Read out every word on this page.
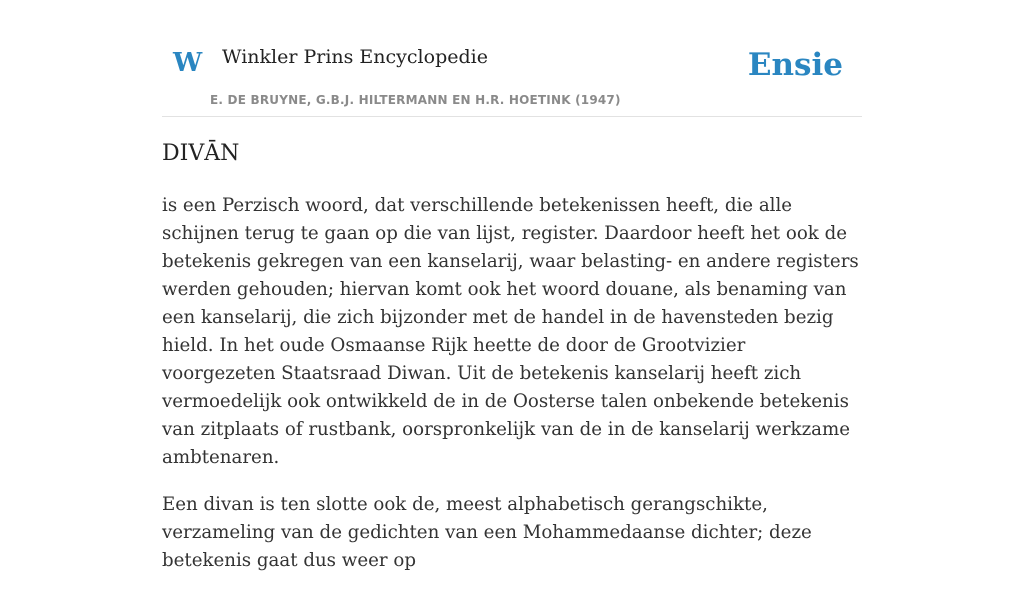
W Winkler Prins Encyclopedie
E. DE BRUYNE, G.B.J. HILTERMANN EN H.R. HOETINK (1947)
Ensie
DIVĀN

is een Perzisch woord, dat verschillende betekenissen heeft, die alle schijnen terug te gaan op die van lijst, register. Daardoor heeft het ook de betekenis gekregen van een kanselarij, waar belasting- en andere registers werden gehouden; hiervan komt ook het woord douane, als benaming van een kanselarij, die zich bijzonder met de handel in de havensteden bezig hield. In het oude Osmaanse Rijk heette de door de Grootvizier voorgezeten Staatsraad Diwan. Uit de betekenis kanselarij heeft zich vermoedelijk ook ontwikkeld de in de Oosterse talen onbekende betekenis van zitplaats of rustbank, oorspronkelijk van de in de kanselarij werkzame ambtenaren.

Een divan is ten slotte ook de, meest alphabetisch gerangschikte, verzameling van de gedichten van een Mohammedaanse dichter; deze betekenis gaat dus weer op
